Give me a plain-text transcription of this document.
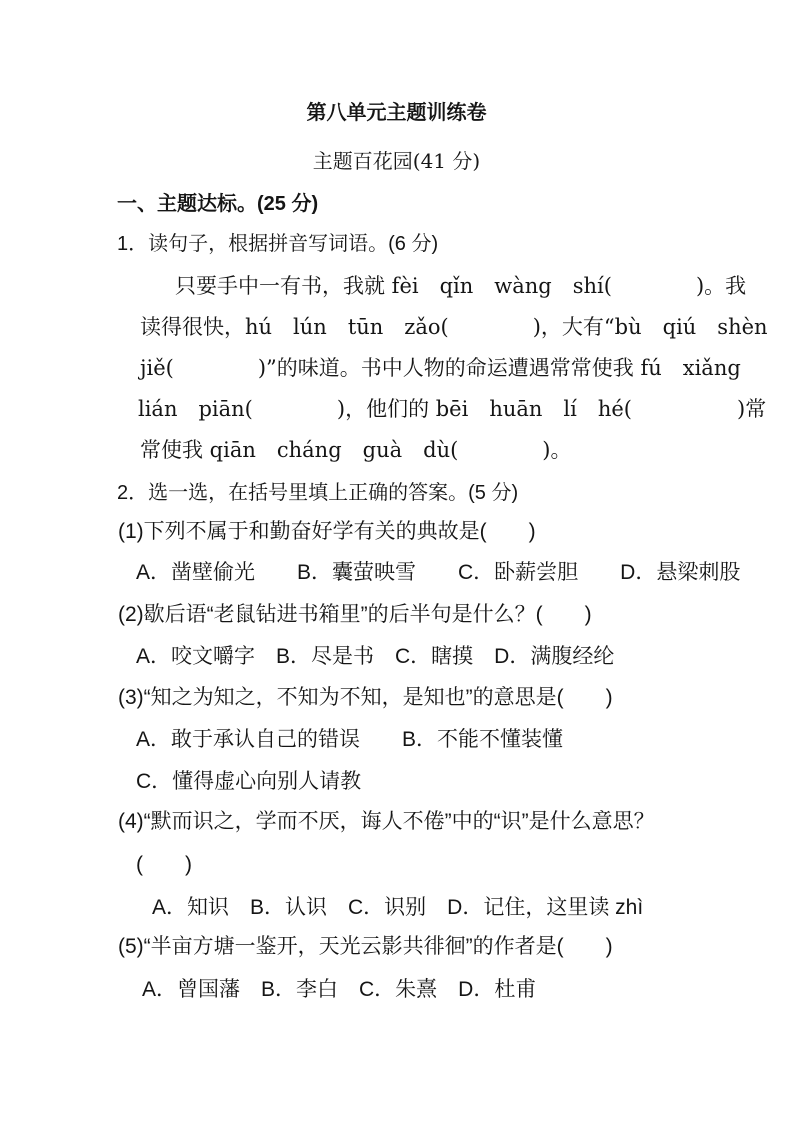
第八单元主题训练卷
主题百花园(41 分)
一、主题达标。(25 分)
1．读句子，根据拼音写词语。(6 分)
只要手中一有书，我就 fèi　qǐn　wàng　shí(　　　　)。我
读得很快，hú　lún　tūn　zǎo(　　　　)，大有“bù　qiú　shèn
jiě(　　　　)”的味道。书中人物的命运遭遇常常使我 fú　xiǎng
lián　piān(　　　　)，他们的 bēi　huān　lí　hé(　　　　　)常
常使我 qiān　cháng　guà　dù(　　　　)。
2．选一选，在括号里填上正确的答案。(5 分)
(1)下列不属于和勤奋好学有关的典故是(　　)
A．凿壁偷光　　B．囊萤映雪　　C．卧薪尝胆　　D．悬梁刺股
(2)歇后语“老鼠钻进书箱里”的后半句是什么？(　　)
A．咬文嚼字　B．尽是书　C．瞎摸　D．满腹经纶
(3)“知之为知之，不知为不知，是知也”的意思是(　　)
A．敢于承认自己的错误　　B．不能不懂装懂
C．懂得虚心向别人请教
(4)“默而识之，学而不厌，诲人不倦”中的“识”是什么意思？
(　　)
A．知识　B．认识　C．识别　D．记住，这里读 zhì
(5)“半亩方塘一鉴开，天光云影共徘徊”的作者是(　　)
A．曾国藩　B．李白　C．朱熹　D．杜甫
